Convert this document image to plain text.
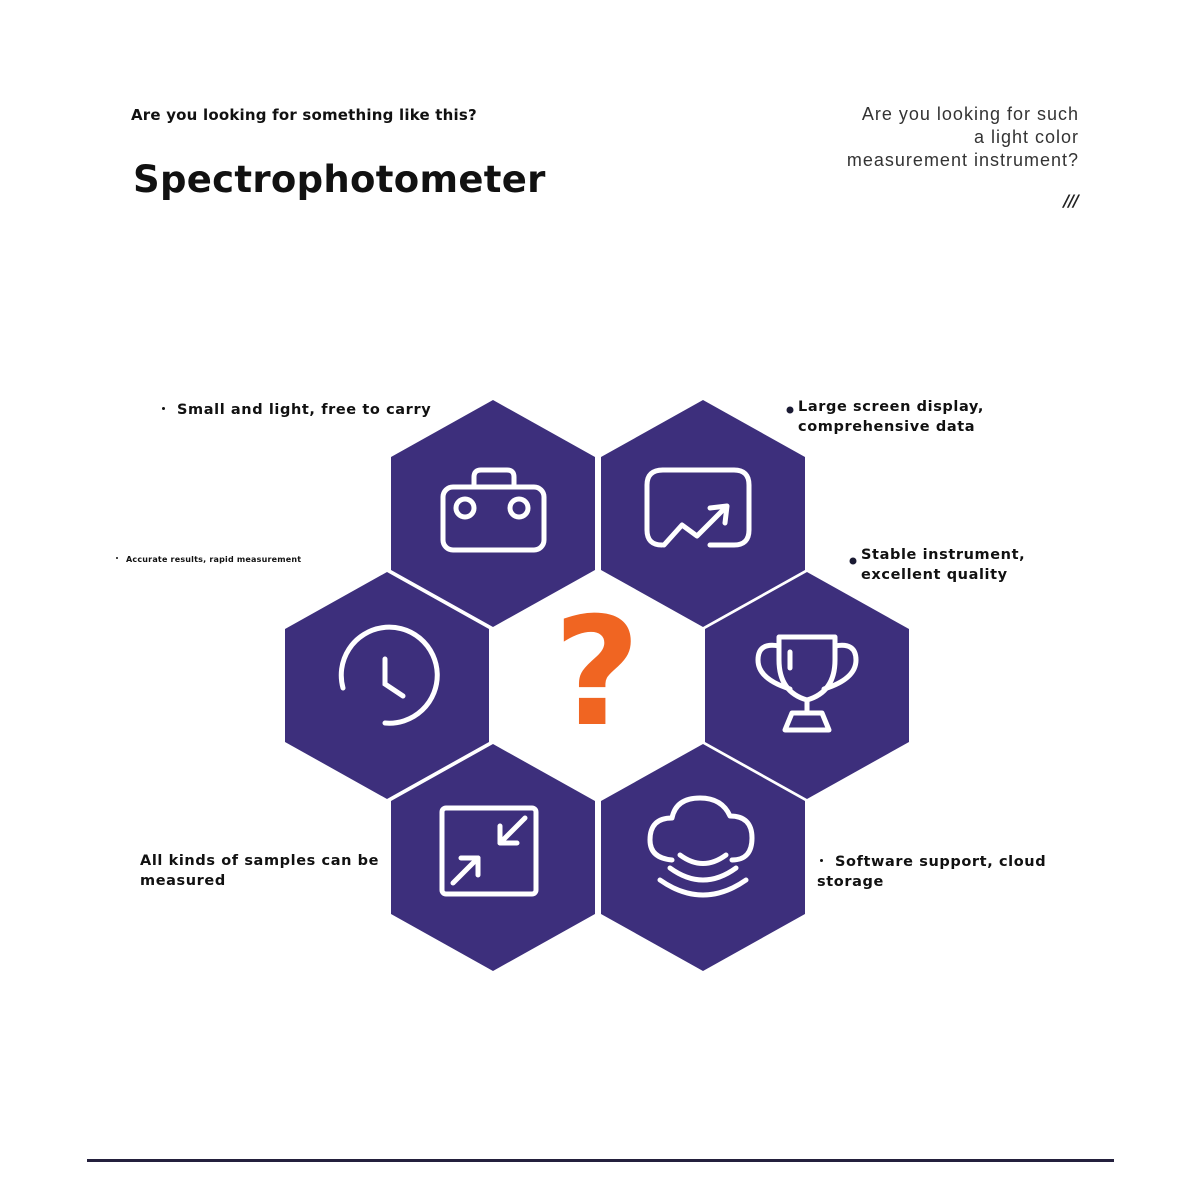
Are you looking for something like this?
Spectrophotometer
Are you looking for such
a light color
measurement instrument?
///
?
Small and light, free to carry	Large screen display,
comprehensive data
Accurate results, rapid measurement	Stable instrument,
excellent quality
All kinds of samples can be
measured
Software support, cloud
storage
